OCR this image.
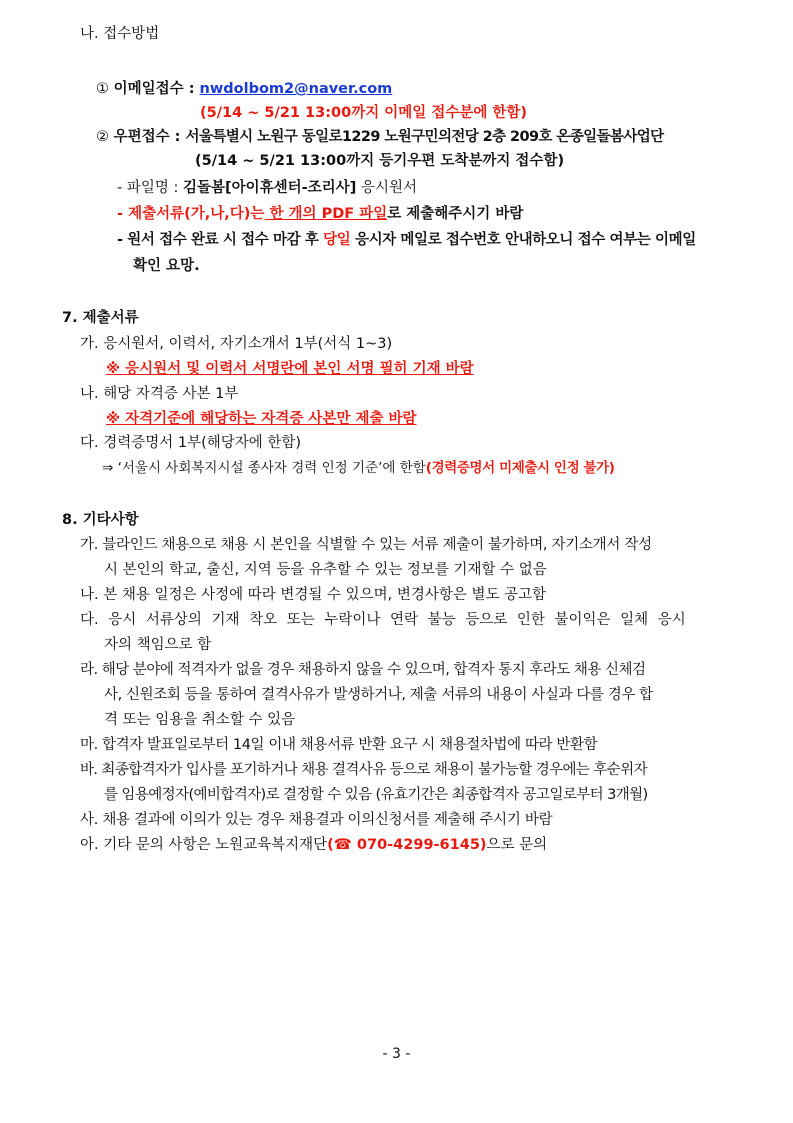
나. 접수방법
① 이메일접수 : nwdolbom2@naver.com
(5/14 ~ 5/21 13:00까지 이메일 접수분에 한함)
② 우편접수 : 서울특별시 노원구 동일로1229 노원구민의전당 2층 209호 온종일돌봄사업단
(5/14 ~ 5/21 13:00까지 등기우편 도착분까지 접수함)
- 파일명 : 김돌봄[아이휴센터-조리사] 응시원서
- 제출서류(가,나,다)는 한 개의 PDF 파일로 제출해주시기 바람
- 원서 접수 완료 시 접수 마감 후 당일 응시자 메일로 접수번호 안내하오니 접수 여부는 이메일
확인 요망.
7. 제출서류
가. 응시원서, 이력서, 자기소개서 1부(서식 1~3)
※ 응시원서 및 이력서 서명란에 본인 서명 필히 기재 바람
나. 해당 자격증 사본 1부
※ 자격기준에 해당하는 자격증 사본만 제출 바람
다. 경력증명서 1부(해당자에 한함)
⇒ ‘서울시 사회복지시설 종사자 경력 인정 기준’에 한함(경력증명서 미제출시 인정 불가)
8. 기타사항
가. 블라인드 채용으로 채용 시 본인을 식별할 수 있는 서류 제출이 불가하며, 자기소개서 작성
시 본인의 학교, 출신, 지역 등을 유추할 수 있는 정보를 기재할 수 없음
나. 본 채용 일정은 사정에 따라 변경될 수 있으며, 변경사항은 별도 공고함
다. 응시 서류상의 기재 착오 또는 누락이나 연락 불능 등으로 인한 불이익은 일체 응시
자의 책임으로 함
라. 해당 분야에 적격자가 없을 경우 채용하지 않을 수 있으며, 합격자 통지 후라도 채용 신체검
사, 신원조회 등을 통하여 결격사유가 발생하거나, 제출 서류의 내용이 사실과 다를 경우 합
격 또는 임용을 취소할 수 있음
마. 합격자 발표일로부터 14일 이내 채용서류 반환 요구 시 채용절차법에 따라 반환함
바. 최종합격자가 입사를 포기하거나 채용 결격사유 등으로 채용이 불가능할 경우에는 후순위자
를 임용예정자(예비합격자)로 결정할 수 있음 (유효기간은 최종합격자 공고일로부터 3개월)
사. 채용 결과에 이의가 있는 경우 채용결과 이의신청서를 제출해 주시기 바람
아. 기타 문의 사항은 노원교육복지재단(☎ 070-4299-6145)으로 문의
- 3 -
